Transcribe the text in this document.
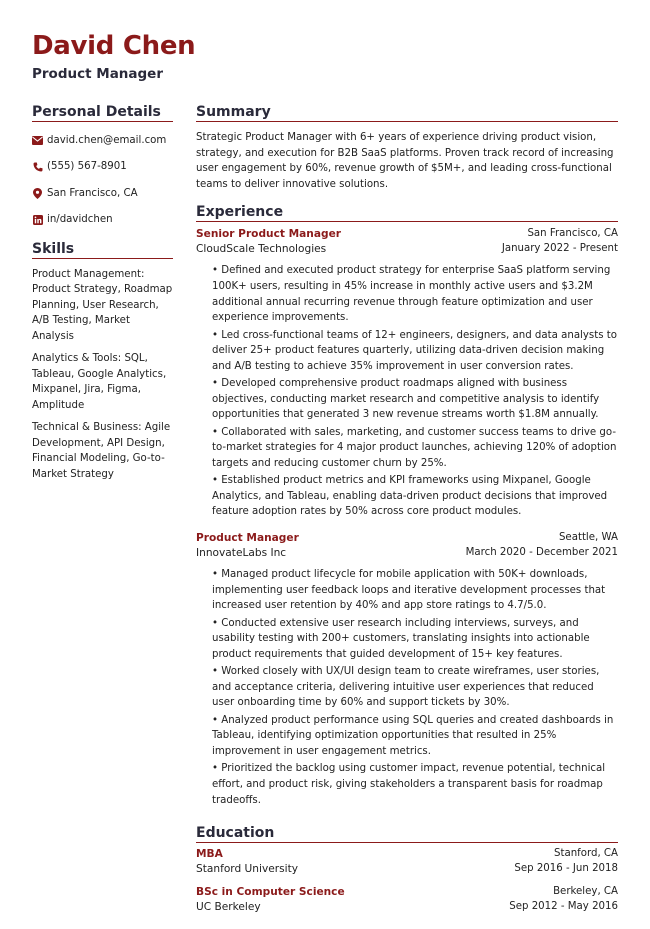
David Chen
Product Manager
Personal Details
david.chen@email.com
(555) 567-8901
San Francisco, CA
in/davidchen
Skills
Product Management: Product Strategy, Roadmap Planning, User Research, A/B Testing, Market Analysis
Analytics & Tools: SQL, Tableau, Google Analytics, Mixpanel, Jira, Figma, Amplitude
Technical & Business: Agile Development, API Design, Financial Modeling, Go-to-Market Strategy
Summary
Strategic Product Manager with 6+ years of experience driving product vision, strategy, and execution for B2B SaaS platforms. Proven track record of increasing user engagement by 60%, revenue growth of $5M+, and leading cross-functional teams to deliver innovative solutions.
Experience
Senior Product Manager	San Francisco, CA
CloudScale Technologies	January 2022 - Present
• Defined and executed product strategy for enterprise SaaS platform serving 100K+ users, resulting in 45% increase in monthly active users and $3.2M additional annual recurring revenue through feature optimization and user experience improvements.
• Led cross-functional teams of 12+ engineers, designers, and data analysts to deliver 25+ product features quarterly, utilizing data-driven decision making and A/B testing to achieve 35% improvement in user conversion rates.
• Developed comprehensive product roadmaps aligned with business objectives, conducting market research and competitive analysis to identify opportunities that generated 3 new revenue streams worth $1.8M annually.
• Collaborated with sales, marketing, and customer success teams to drive go-to-market strategies for 4 major product launches, achieving 120% of adoption targets and reducing customer churn by 25%.
• Established product metrics and KPI frameworks using Mixpanel, Google Analytics, and Tableau, enabling data-driven product decisions that improved feature adoption rates by 50% across core product modules.
Product Manager	Seattle, WA
InnovateLabs Inc	March 2020 - December 2021
• Managed product lifecycle for mobile application with 50K+ downloads, implementing user feedback loops and iterative development processes that increased user retention by 40% and app store ratings to 4.7/5.0.
• Conducted extensive user research including interviews, surveys, and usability testing with 200+ customers, translating insights into actionable product requirements that guided development of 15+ key features.
• Worked closely with UX/UI design team to create wireframes, user stories, and acceptance criteria, delivering intuitive user experiences that reduced user onboarding time by 60% and support tickets by 30%.
• Analyzed product performance using SQL queries and created dashboards in Tableau, identifying optimization opportunities that resulted in 25% improvement in user engagement metrics.
• Prioritized the backlog using customer impact, revenue potential, technical effort, and product risk, giving stakeholders a transparent basis for roadmap tradeoffs.
Education
MBA	Stanford, CA
Stanford University	Sep 2016 - Jun 2018
BSc in Computer Science	Berkeley, CA
UC Berkeley	Sep 2012 - May 2016
